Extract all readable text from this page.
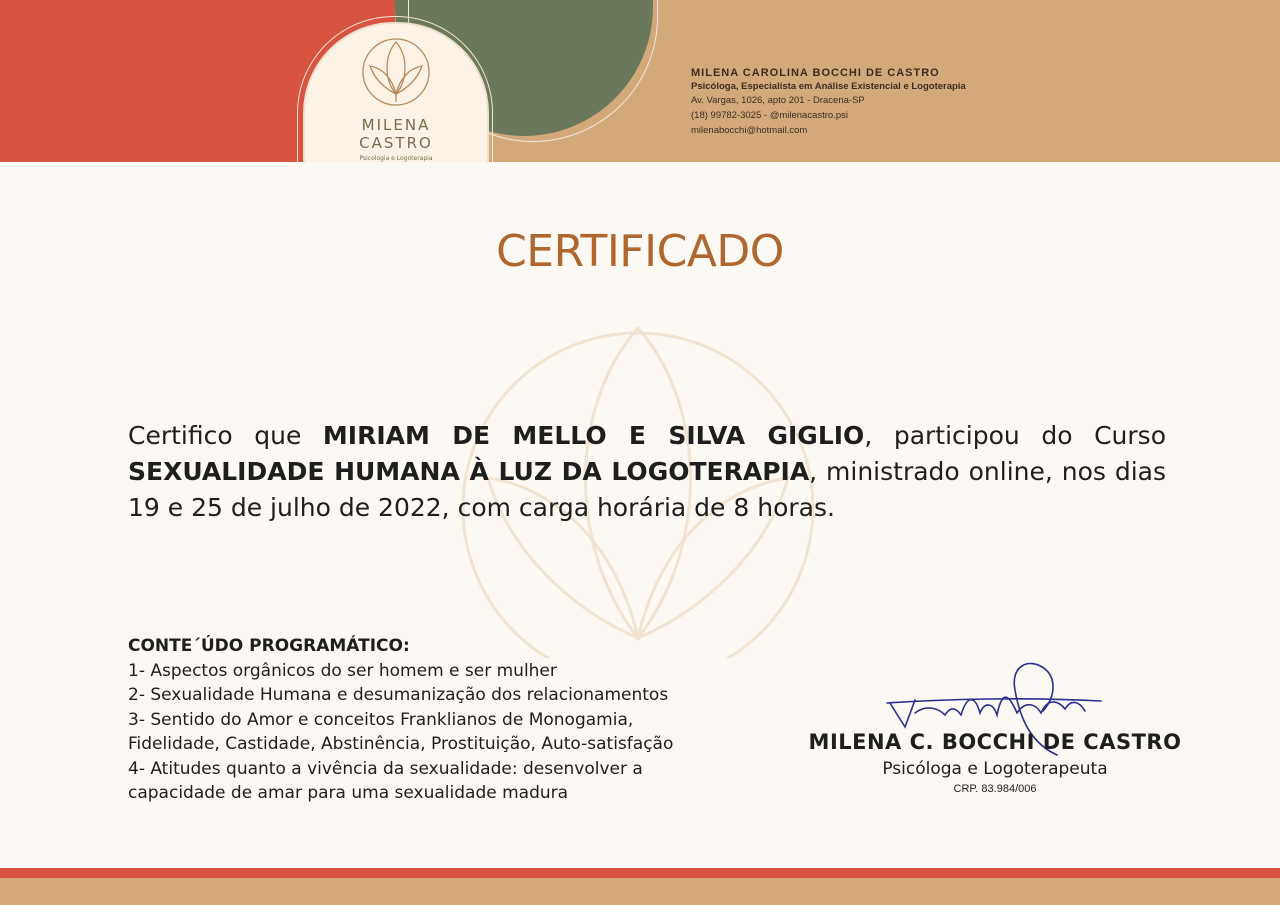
MILENA
CASTRO
Psicologia e Logoterapia
MILENA CAROLINA BOCCHI DE CASTRO
Psicóloga, Especialista em Análise Existencial e Logoterapia
Av. Vargas, 1026, apto 201 - Dracena-SP
(18) 99782-3025 - @milenacastro.psi
milenabocchi@hotmail.com
CERTIFICADO
Certifico que MIRIAM DE MELLO E SILVA GIGLIO, participou do Curso SEXUALIDADE HUMANA À LUZ DA LOGOTERAPIA, ministrado online, nos dias 19 e 25 de julho de 2022, com carga horária de 8 horas.
CONTE´ÚDO PROGRAMÁTICO:
1- Aspectos orgânicos do ser homem e ser mulher
2- Sexualidade Humana e desumanização dos relacionamentos
3- Sentido do Amor e conceitos Franklianos de Monogamia, Fidelidade, Castidade, Abstinência, Prostituição, Auto-satisfação
4- Atitudes quanto a vivência da sexualidade: desenvolver a capacidade de amar para uma sexualidade madura
MILENA C. BOCCHI DE CASTRO
Psicóloga e Logoterapeuta
CRP. 83.984/006
